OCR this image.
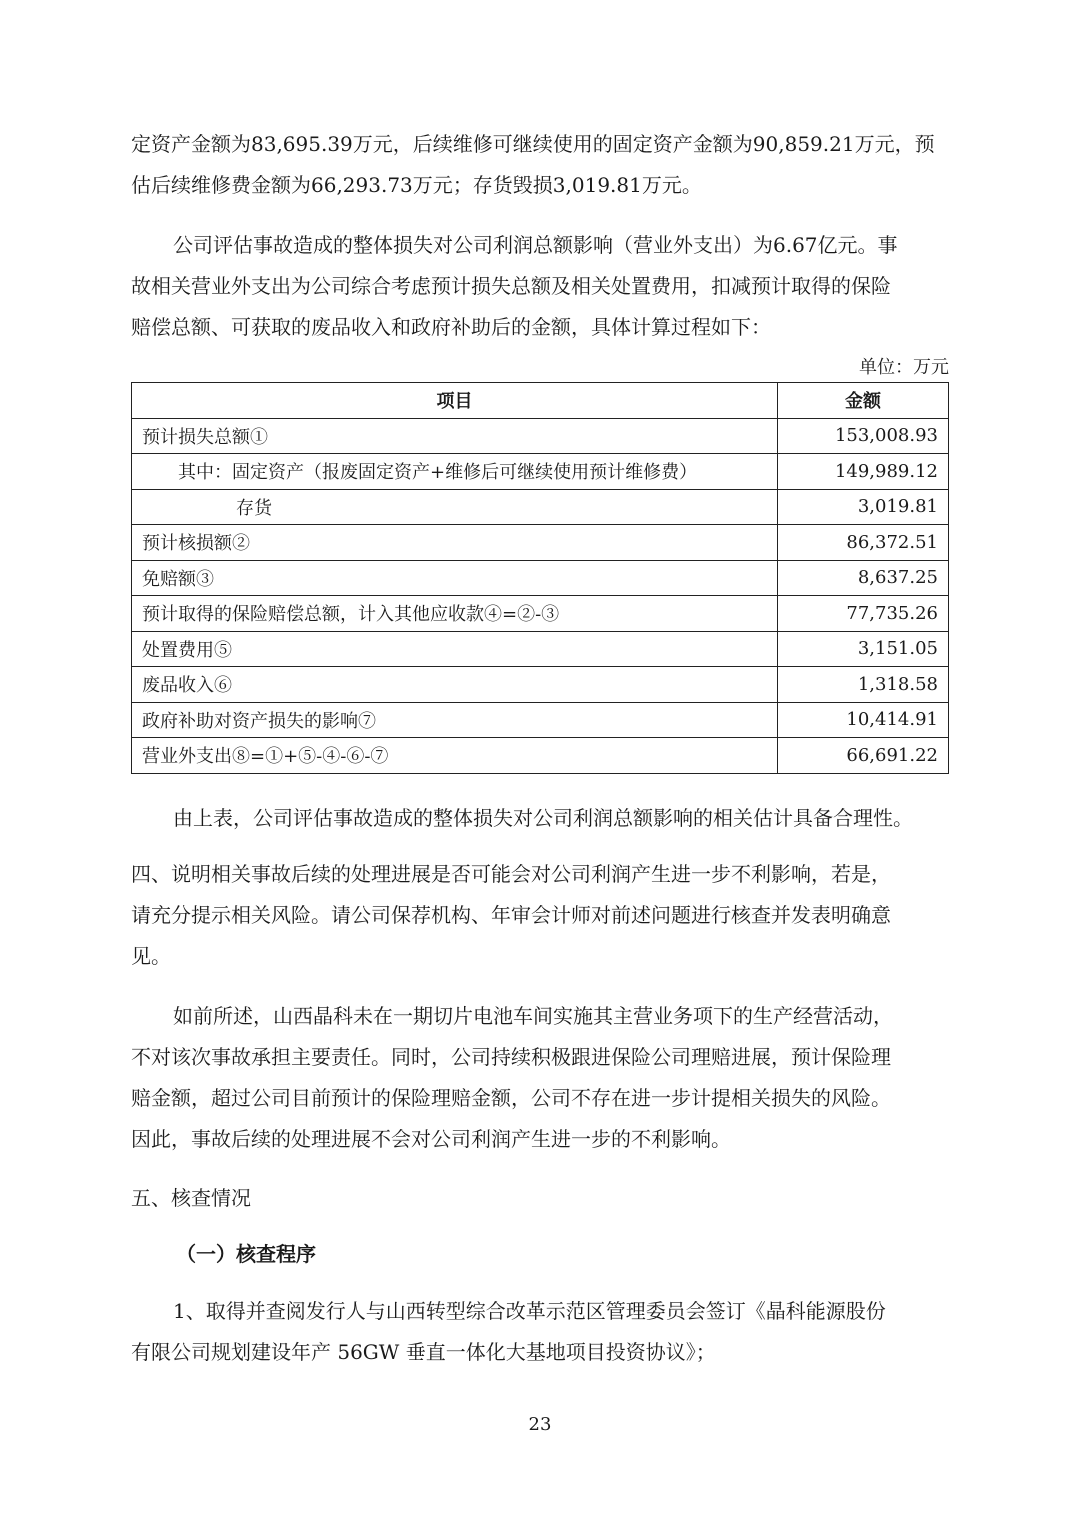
定资产金额为83,695.39万元，后续维修可继续使用的固定资产金额为90,859.21万元，预
估后续维修费金额为66,293.73万元；存货毁损3,019.81万元。
公司评估事故造成的整体损失对公司利润总额影响（营业外支出）为6.67亿元。事
故相关营业外支出为公司综合考虑预计损失总额及相关处置费用，扣减预计取得的保险
赔偿总额、可获取的废品收入和政府补助后的金额，具体计算过程如下：
单位：万元
项目	金额
预计损失总额①	153,008.93
其中：固定资产（报废固定资产+维修后可继续使用预计维修费）	149,989.12
存货	3,019.81
预计核损额②	86,372.51
免赔额③	8,637.25
预计取得的保险赔偿总额，计入其他应收款④=②-③	77,735.26
处置费用⑤	3,151.05
废品收入⑥	1,318.58
政府补助对资产损失的影响⑦	10,414.91
营业外支出⑧=①+⑤-④-⑥-⑦	66,691.22
由上表，公司评估事故造成的整体损失对公司利润总额影响的相关估计具备合理性。
四、说明相关事故后续的处理进展是否可能会对公司利润产生进一步不利影响，若是，
请充分提示相关风险。请公司保荐机构、年审会计师对前述问题进行核查并发表明确意
见。
如前所述，山西晶科未在一期切片电池车间实施其主营业务项下的生产经营活动，
不对该次事故承担主要责任。同时，公司持续积极跟进保险公司理赔进展，预计保险理
赔金额，超过公司目前预计的保险理赔金额，公司不存在进一步计提相关损失的风险。
因此，事故后续的处理进展不会对公司利润产生进一步的不利影响。
五、核查情况
（一）核查程序
1、取得并查阅发行人与山西转型综合改革示范区管理委员会签订《晶科能源股份
有限公司规划建设年产 56GW 垂直一体化大基地项目投资协议》；
23
